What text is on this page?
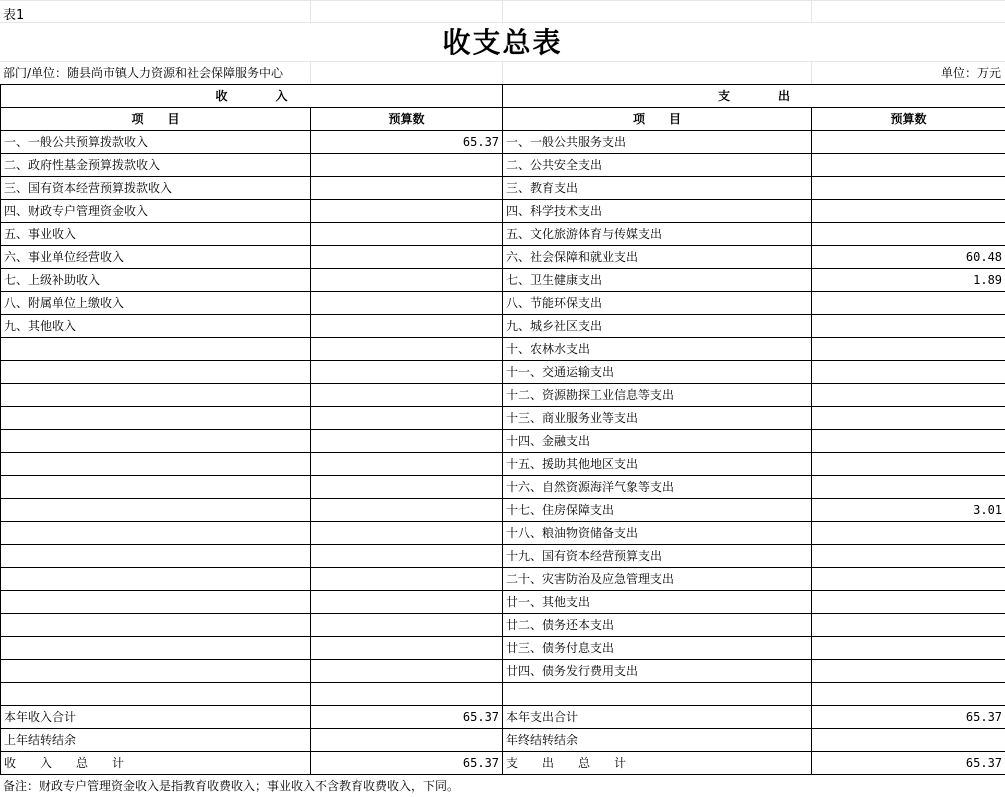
表1
收支总表
部门/单位：随县尚市镇人力资源和社会保障服务中心	单位：万元
收　　　　入		支　　　　出	
项　　目	预算数	项　　目	预算数
一、一般公共预算拨款收入	65.37	一、一般公共服务支出	
二、政府性基金预算拨款收入		二、公共安全支出	
三、国有资本经营预算拨款收入		三、教育支出	
四、财政专户管理资金收入		四、科学技术支出	
五、事业收入		五、文化旅游体育与传媒支出	
六、事业单位经营收入		六、社会保障和就业支出	60.48
七、上级补助收入		七、卫生健康支出	1.89
八、附属单位上缴收入		八、节能环保支出	
九、其他收入		九、城乡社区支出	
		十、农林水支出	
		十一、交通运输支出	
		十二、资源勘探工业信息等支出	
		十三、商业服务业等支出	
		十四、金融支出	
		十五、援助其他地区支出	
		十六、自然资源海洋气象等支出	
		十七、住房保障支出	3.01
		十八、粮油物资储备支出	
		十九、国有资本经营预算支出	
		二十、灾害防治及应急管理支出	
		廿一、其他支出	
		廿二、债务还本支出	
		廿三、债务付息支出	
		廿四、债务发行费用支出	

本年收入合计	65.37	本年支出合计	65.37
上年结转结余		年终结转结余	
收　　入　　总　　计	65.37	支　　出　　总　　计	65.37
备注：财政专户管理资金收入是指教育收费收入；事业收入不含教育收费收入，下同。
